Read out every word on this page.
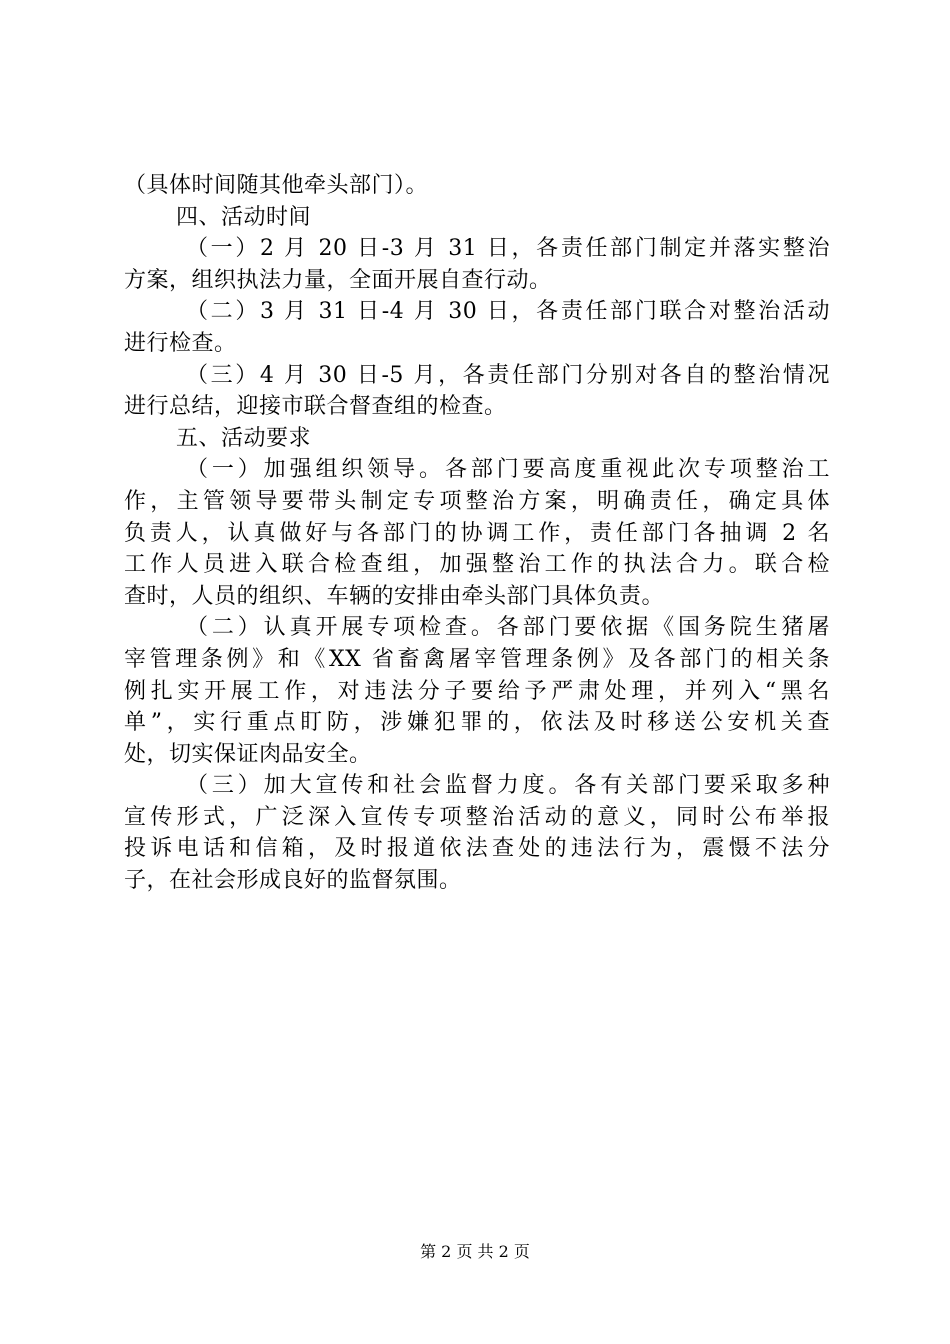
（具体时间随其他牵头部门）。
四、活动时间
（一）2 月 20 日-3 月 31 日，各责任部门制定并落实整治
方案，组织执法力量，全面开展自查行动。
（二）3 月 31 日-4 月 30 日，各责任部门联合对整治活动
进行检查。
（三）4 月 30 日-5 月，各责任部门分别对各自的整治情况
进行总结，迎接市联合督查组的检查。
五、活动要求
（一）加强组织领导。各部门要高度重视此次专项整治工
作，主管领导要带头制定专项整治方案，明确责任，确定具体
负责人，认真做好与各部门的协调工作，责任部门各抽调 2 名
工作人员进入联合检查组，加强整治工作的执法合力。联合检
查时，人员的组织、车辆的安排由牵头部门具体负责。
（二）认真开展专项检查。各部门要依据《国务院生猪屠
宰管理条例》和《XX 省畜禽屠宰管理条例》及各部门的相关条
例扎实开展工作，对违法分子要给予严肃处理，并列入“黑名
单”，实行重点盯防，涉嫌犯罪的，依法及时移送公安机关查
处，切实保证肉品安全。
（三）加大宣传和社会监督力度。各有关部门要采取多种
宣传形式，广泛深入宣传专项整治活动的意义，同时公布举报
投诉电话和信箱，及时报道依法查处的违法行为，震慑不法分
子，在社会形成良好的监督氛围。
第 2 页 共 2 页
